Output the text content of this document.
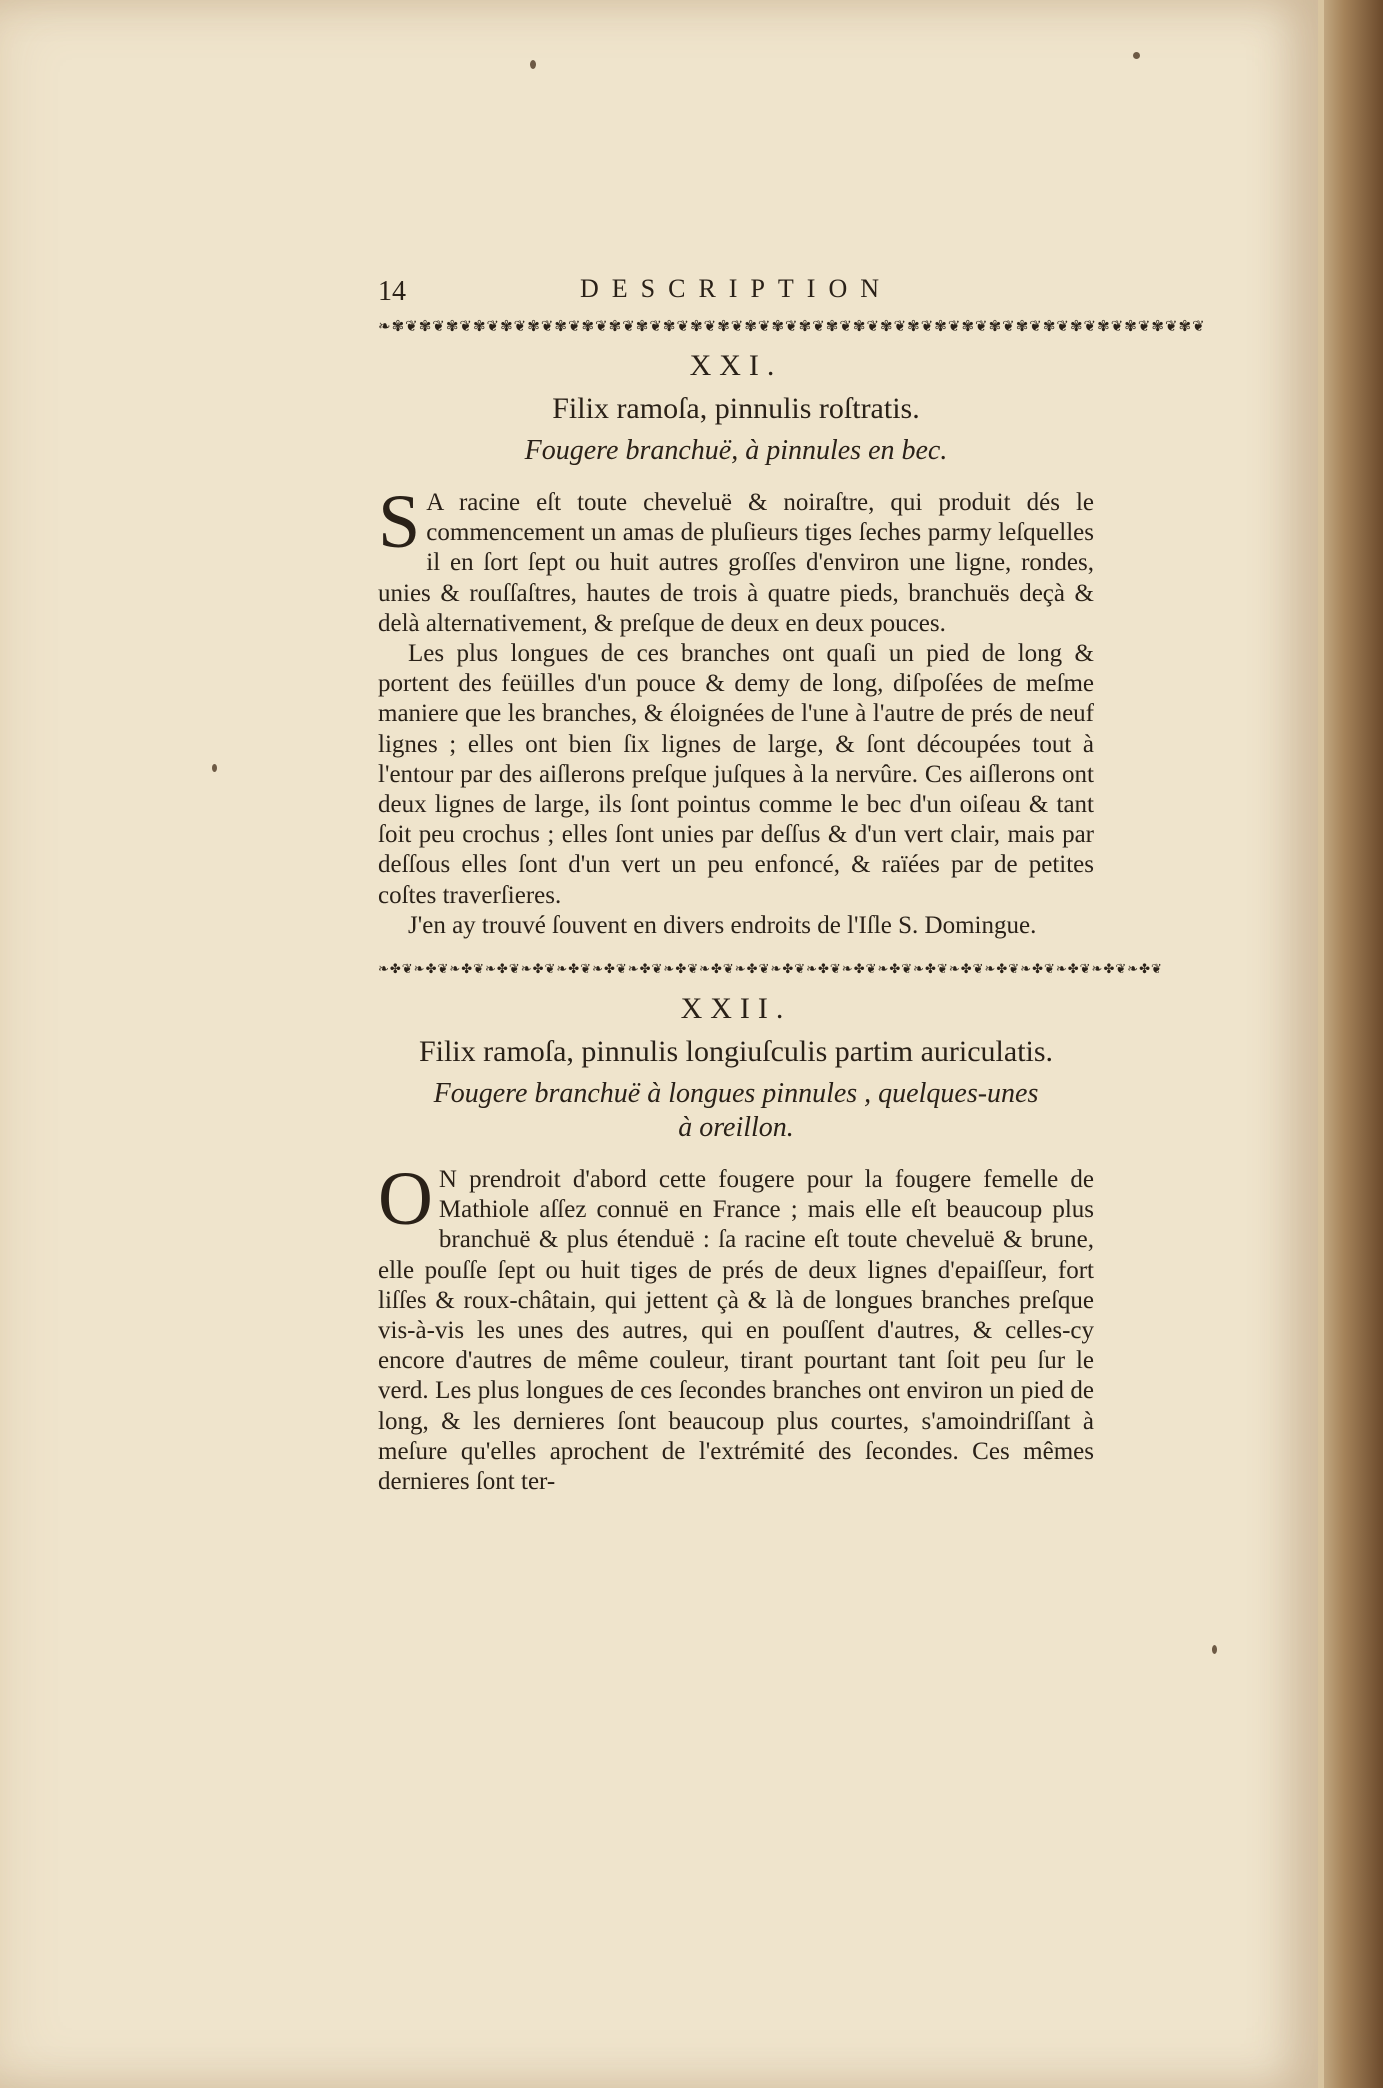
14	DESCRIPTION
❧✾❦✾❦✾❦✾❦✾❦✾❦✾❦✾❦✾❦✾❦✾❦✾❦✾❦✾❦✾❦✾❦✾❦✾❦✾❦✾❦✾❦✾❦✾❦✾❦✾❦✾❦✾❦✾❦✾❦✾❦
XXI.
Filix ramoſa, pinnulis roſtratis.
Fougere branchuë, à pinnules en bec.

S A racine eſt toute cheveluë & noiraſtre, qui produit dés le commencement un amas de pluſieurs tiges ſeches parmy leſquelles il en ſort ſept ou huit autres groſſes d'environ une ligne, rondes, unies & rouſſaſtres, hautes de trois à quatre pieds, branchuës deçà & delà alternativement, & preſque de deux en deux pouces.

Les plus longues de ces branches ont quaſi un pied de long & portent des feüilles d'un pouce & demy de long, diſpoſées de meſme maniere que les branches, & éloignées de l'une à l'autre de prés de neuf lignes ; elles ont bien ſix lignes de large, & ſont découpées tout à l'entour par des aiſlerons preſque juſques à la nervûre. Ces aiſlerons ont deux lignes de large, ils ſont pointus comme le bec d'un oiſeau & tant ſoit peu crochus ; elles ſont unies par deſſus & d'un vert clair, mais par deſſous elles ſont d'un vert un peu enfoncé, & raïées par de petites coſtes traverſieres.

J'en ay trouvé ſouvent en divers endroits de l'Iſle S. Domingue.

❧✤❦❧✤❦❧✤❦❧✤❦❧✤❦❧✤❦❧✤❦❧✤❦❧✤❦❧✤❦❧✤❦❧✤❦❧✤❦❧✤❦❧✤❦❧✤❦❧✤❦❧✤❦❧✤❦❧✤❦❧✤❦❧✤❦
XXII.
Filix ramoſa, pinnulis longiuſculis partim auriculatis.
Fougere branchuë à longues pinnules , quelques-unes
à oreillon.

O N prendroit d'abord cette fougere pour la fougere femelle de Mathiole aſſez connuë en France ; mais elle eſt beaucoup plus branchuë & plus étenduë : ſa racine eſt toute cheveluë & brune, elle pouſſe ſept ou huit tiges de prés de deux lignes d'epaiſſeur, fort liſſes & roux-châtain, qui jettent çà & là de longues branches preſque vis-à-vis les unes des autres, qui en pouſſent d'autres, & celles-cy encore d'autres de même couleur, tirant pourtant tant ſoit peu ſur le verd. Les plus longues de ces ſecondes branches ont environ un pied de long, & les dernieres ſont beaucoup plus courtes, s'amoindriſſant à meſure qu'elles aprochent de l'extrémité des ſecondes. Ces mêmes dernieres ſont ter-
